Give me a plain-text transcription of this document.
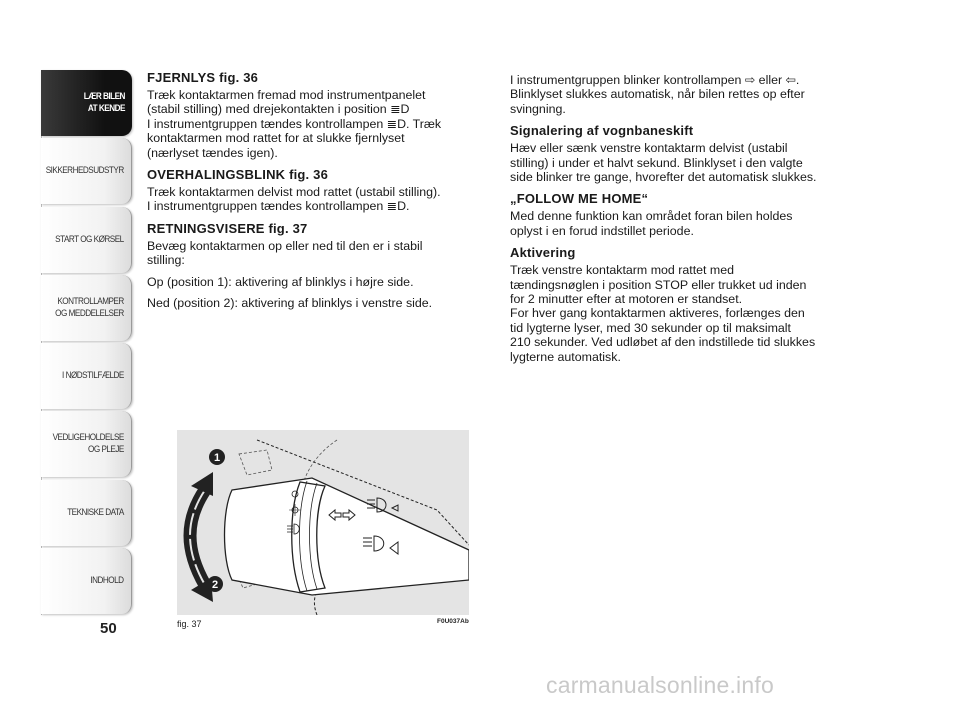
LÆR BILEN
AT KENDE
SIKKERHEDSUDSTYR
START OG KØRSEL
KONTROLLAMPER
OG MEDDELELSER
I NØDSTILFÆLDE
VEDLIGEHOLDELSE
OG PLEJE
TEKNISKE DATA
INDHOLD
50
FJERNLYS fig. 36

Træk kontaktarmen fremad mod instrumentpanelet
(stabil stilling) med drejekontakten i position ≣D
I instrumentgruppen tændes kontrollampen ≣D. Træk
kontaktarmen mod rattet for at slukke fjernlyset
(nærlyset tændes igen).

OVERHALINGSBLINK fig. 36

Træk kontaktarmen delvist mod rattet (ustabil stilling).
I instrumentgruppen tændes kontrollampen ≣D.

RETNINGSVISERE fig. 37

Bevæg kontaktarmen op eller ned til den er i stabil
stilling:

Op (position 1): aktivering af blinklys i højre side.

Ned (position 2): aktivering af blinklys i venstre side.

I instrumentgruppen blinker kontrollampen ⇨ eller ⇦.
Blinklyset slukkes automatisk, når bilen rettes op efter
svingning.

Signalering af vognbaneskift

Hæv eller sænk venstre kontaktarm delvist (ustabil
stilling) i under et halvt sekund. Blinklyset i den valgte
side blinker tre gange, hvorefter det automatisk slukkes.

„FOLLOW ME HOME“

Med denne funktion kan området foran bilen holdes
oplyst i en forud indstillet periode.

Aktivering

Træk venstre kontaktarm mod rattet med
tændingsnøglen i position STOP eller trukket ud inden
for 2 minutter efter at motoren er standset.
For hver gang kontaktarmen aktiveres, forlænges den
tid lygterne lyser, med 30 sekunder op til maksimalt
210 sekunder. Ved udløbet af den indstillede tid slukkes
lygterne automatisk.

1
2
fig. 37	F0U037Ab
carmanualsonline.info
